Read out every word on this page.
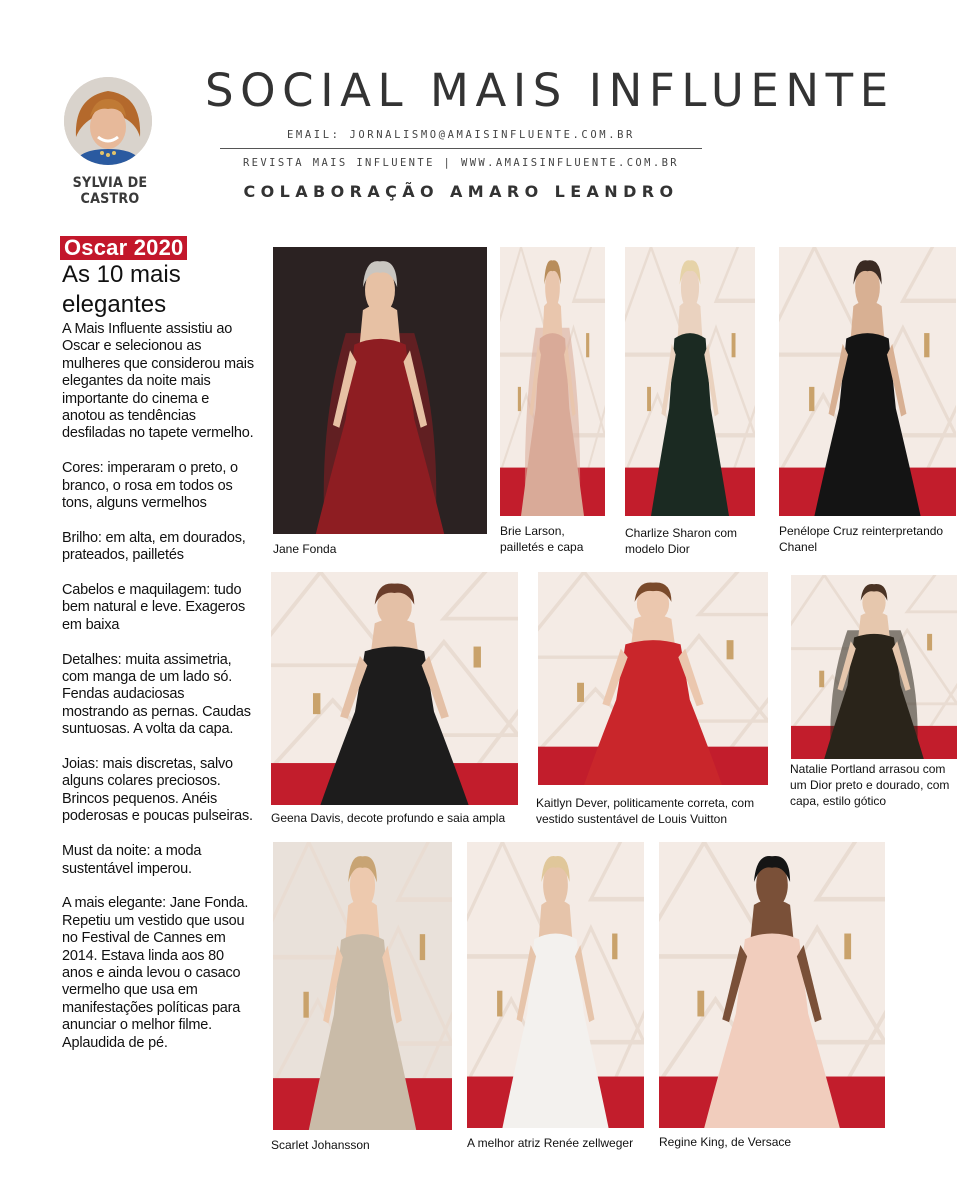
SYLVIA DE CASTRO
SOCIAL MAIS INFLUENTE
EMAIL: JORNALISMO@AMAISINFLUENTE.COM.BR
REVISTA MAIS INFLUENTE | WWW.AMAISINFLUENTE.COM.BR
COLABORAÇÃO AMARO LEANDRO
Oscar 2020
As 10 mais elegantes

A Mais Influente assistiu ao Oscar e selecionou as mulheres que considerou mais elegantes da noite mais importante do cinema e anotou as tendências desfiladas no tapete vermelho.

Cores: imperaram o preto, o branco, o rosa em todos os tons, alguns vermelhos

Brilho: em alta, em dourados, prateados, pailletés

Cabelos e maquilagem: tudo bem natural e leve. Exageros em baixa

Detalhes: muita assimetria, com manga de um lado só. Fendas audaciosas mostrando as pernas. Caudas suntuosas. A volta da capa.

Joias: mais discretas, salvo alguns colares preciosos. Brincos pequenos. Anéis poderosas e poucas pulseiras.

Must da noite: a moda sustentável imperou.

A mais elegante: Jane Fonda. Repetiu um vestido que usou no Festival de Cannes em 2014. Estava linda aos 80 anos e ainda levou o casaco vermelho que usa em manifestações políticas para anunciar o melhor filme. Aplaudida de pé.

Jane Fonda
Brie Larson, pailletés e capa
Charlize Sharon com modelo Dior
Penélope Cruz reinterpretando Chanel
Geena Davis, decote profundo e saia ampla
Kaitlyn Dever, politicamente correta, com vestido sustentável de Louis Vuitton
Natalie Portland arrasou com um Dior preto e dourado, com capa, estilo gótico
Scarlet Johansson	A melhor atriz Renée zellweger	Regine King, de Versace
